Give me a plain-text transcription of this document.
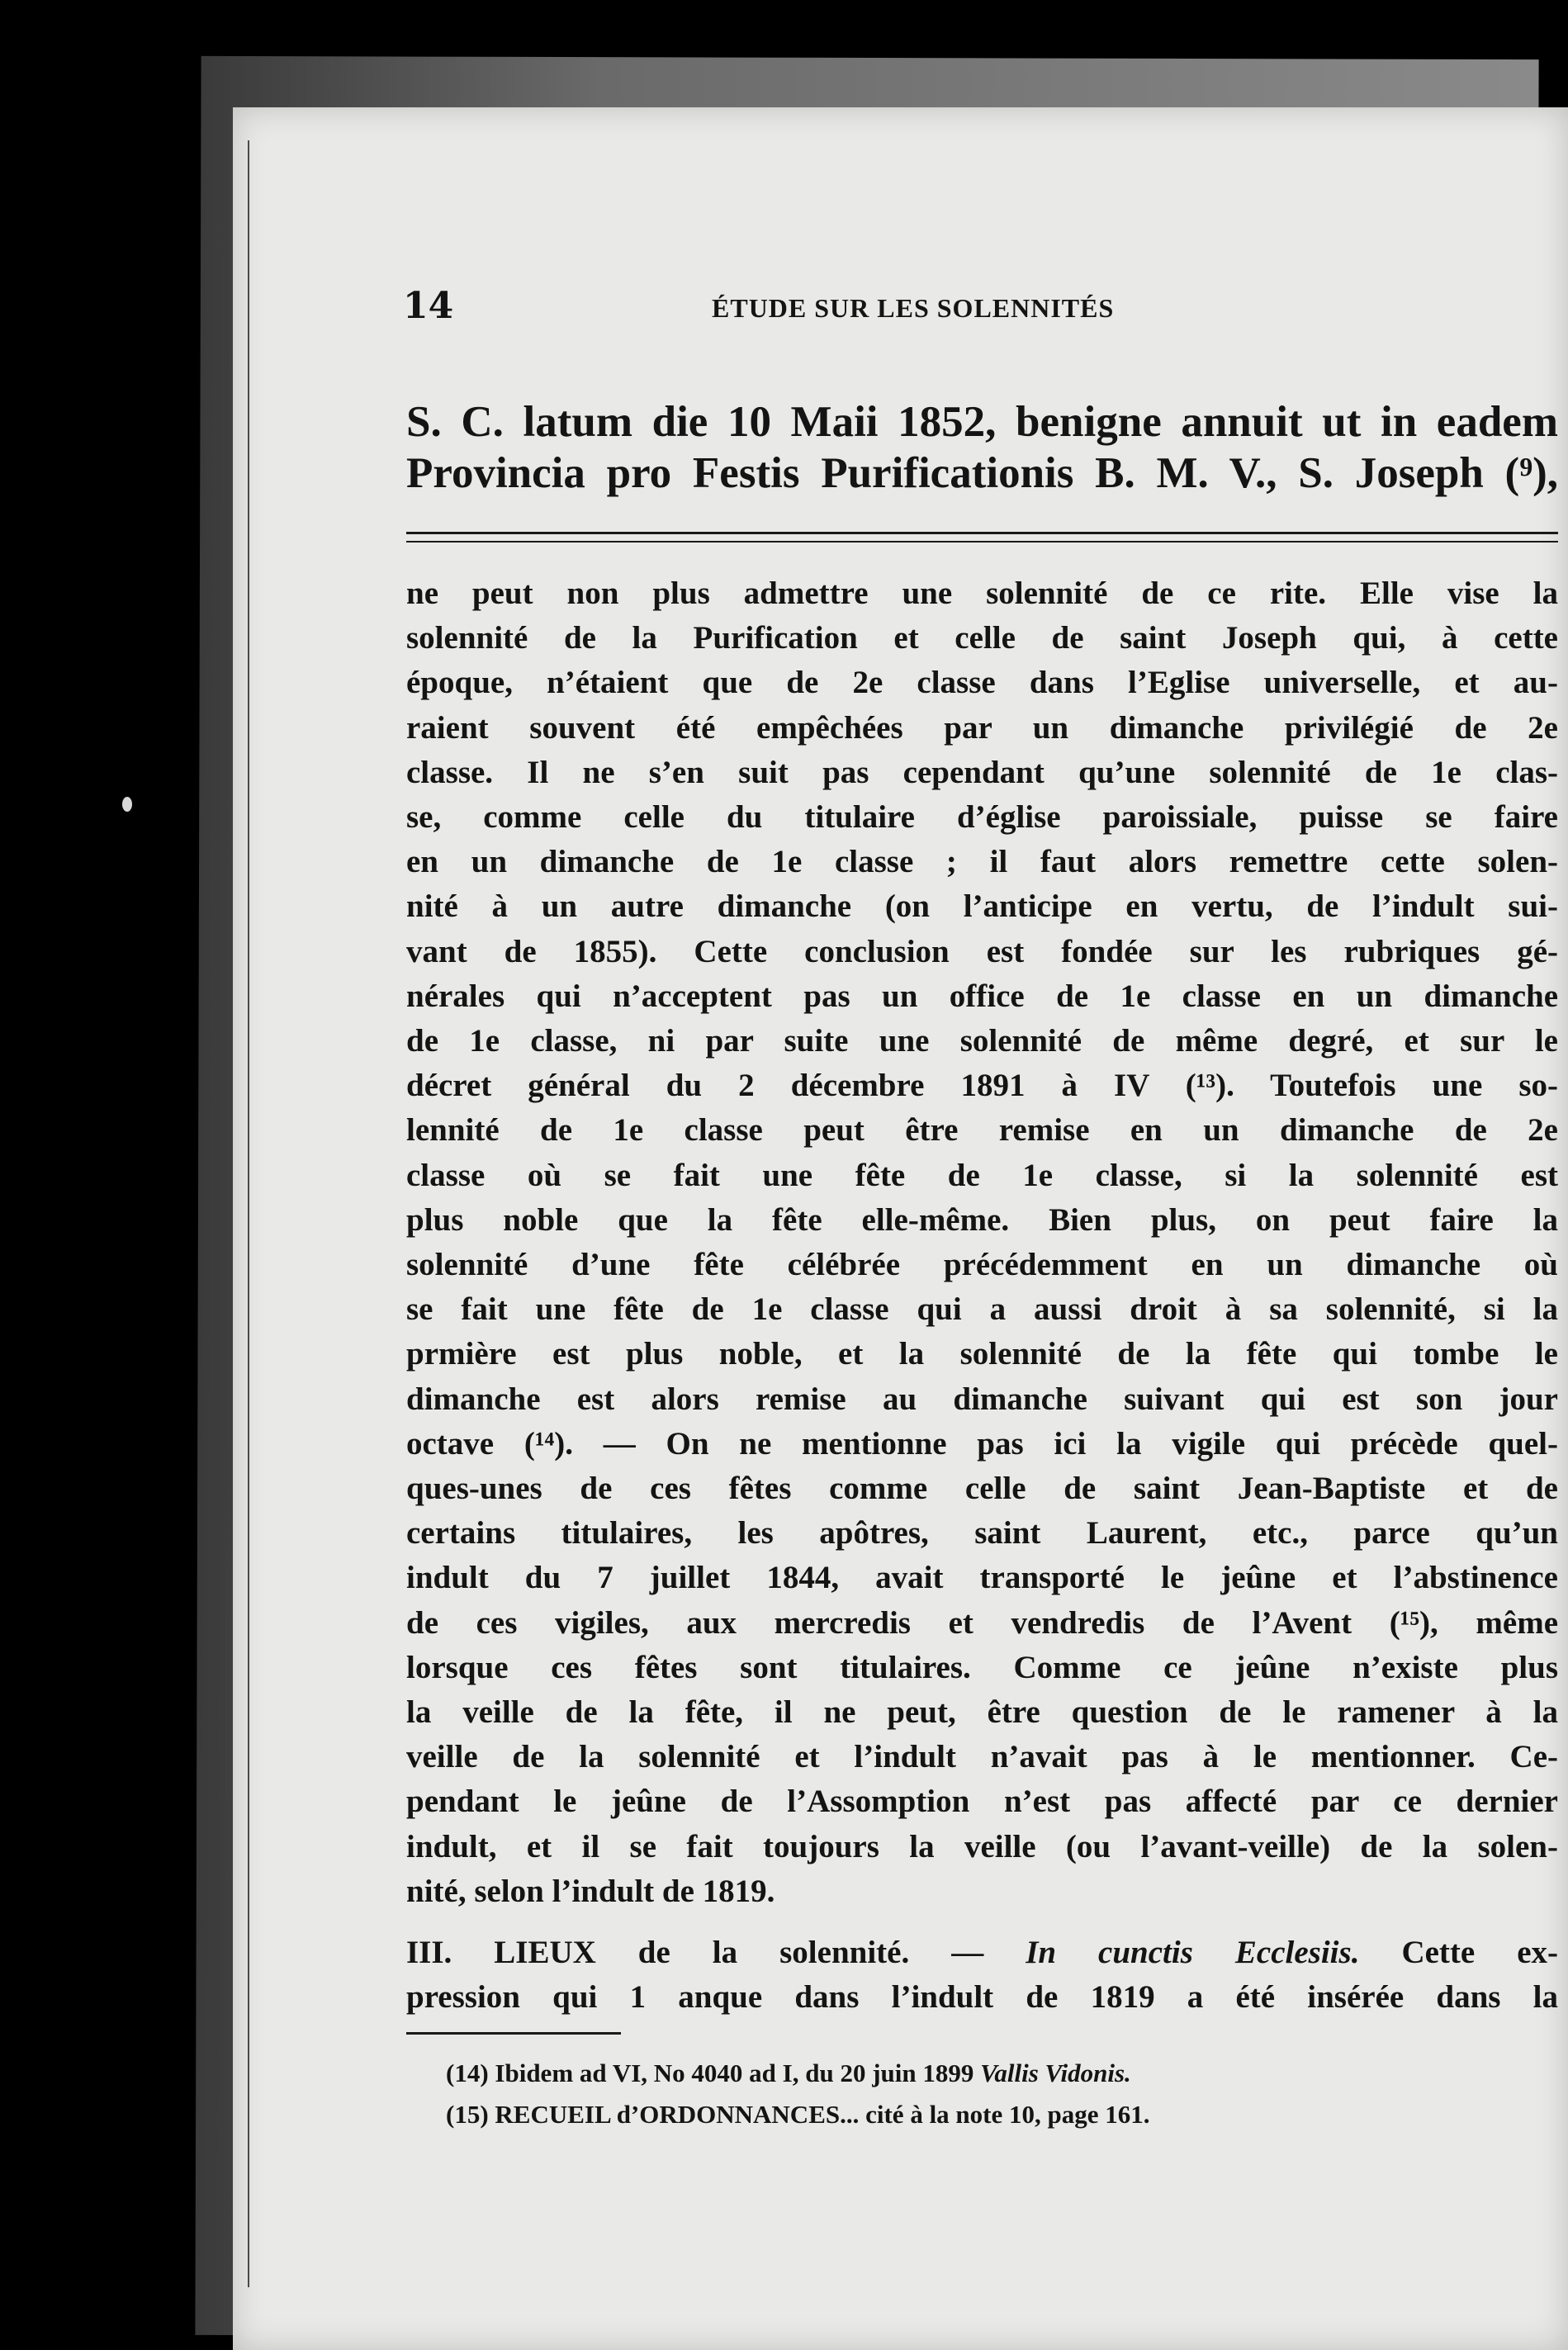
14	ÉTUDE SUR LES SOLENNITÉS
S. C. latum die 10 Maii 1852, benigne annuit ut in eadem
Provincia pro Festis Purificationis B. M. V., S. Joseph (⁹),
ne peut non plus admettre une solennité de ce rite. Elle vise la
solennité de la Purification et celle de saint Joseph qui, à cette
époque, n’étaient que de 2e classe dans l’Eglise universelle, et au-
raient souvent été empêchées par un dimanche privilégié de 2e
classe. Il ne s’en suit pas cependant qu’une solennité de 1e clas-
se, comme celle du titulaire d’église paroissiale, puisse se faire
en un dimanche de 1e classe ; il faut alors remettre cette solen-
nité à un autre dimanche (on l’anticipe en vertu, de l’indult sui-
vant de 1855). Cette conclusion est fondée sur les rubriques gé-
nérales qui n’acceptent pas un office de 1e classe en un dimanche
de 1e classe, ni par suite une solennité de même degré, et sur le
décret général du 2 décembre 1891 à IV (¹³). Toutefois une so-
lennité de 1e classe peut être remise en un dimanche de 2e
classe où se fait une fête de 1e classe, si la solennité est
plus noble que la fête elle-même. Bien plus, on peut faire la
solennité d’une fête célébrée précédemment en un dimanche où
se fait une fête de 1e classe qui a aussi droit à sa solennité, si la
prmière est plus noble, et la solennité de la fête qui tombe le
dimanche est alors remise au dimanche suivant qui est son jour
octave (¹⁴). — On ne mentionne pas ici la vigile qui précède quel-
ques-unes de ces fêtes comme celle de saint Jean-Baptiste et de
certains titulaires, les apôtres, saint Laurent, etc., parce qu’un
indult du 7 juillet 1844, avait transporté le jeûne et l’abstinence
de ces vigiles, aux mercredis et vendredis de l’Avent (¹⁵), même
lorsque ces fêtes sont titulaires. Comme ce jeûne n’existe plus
la veille de la fête, il ne peut, être question de le ramener à la
veille de la solennité et l’indult n’avait pas à le mentionner. Ce-
pendant le jeûne de l’Assomption n’est pas affecté par ce dernier
indult, et il se fait toujours la veille (ou l’avant-veille) de la solen-
nité, selon l’indult de 1819.
III. LIEUX de la solennité. — In cunctis Ecclesiis. Cette ex-
pression qui 1 anque dans l’indult de 1819 a été insérée dans la
(14) Ibidem ad VI, No 4040 ad I, du 20 juin 1899 Vallis Vidonis.
(15) RECUEIL d’ORDONNANCES... cité à la note 10, page 161.
